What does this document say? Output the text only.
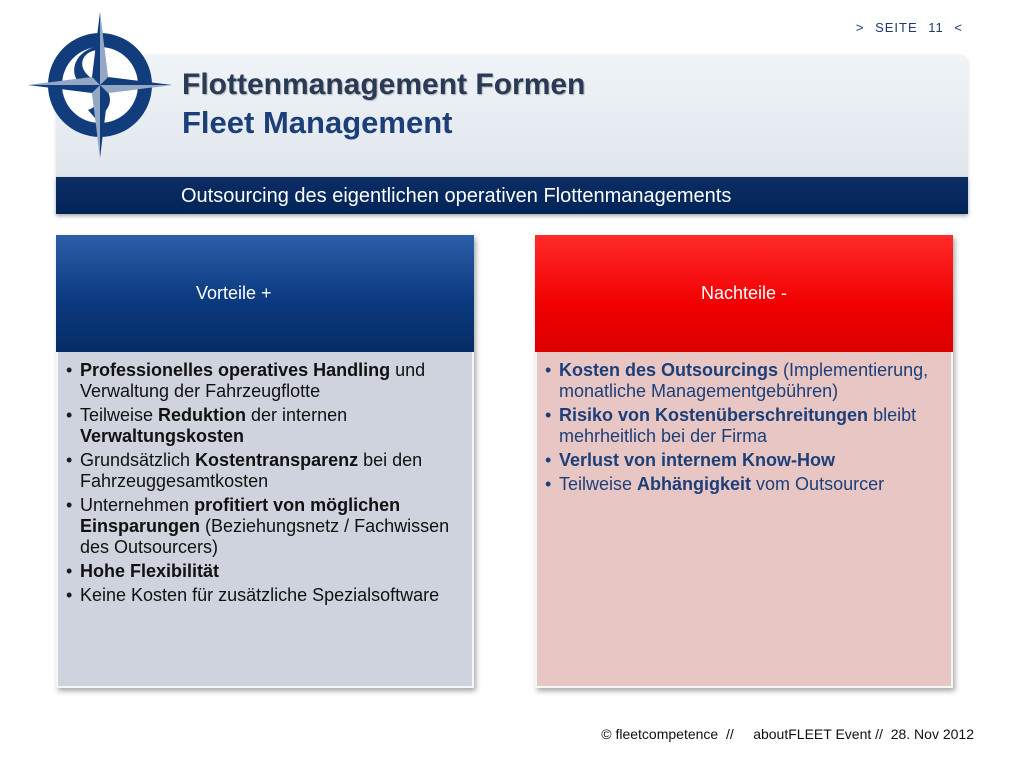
> SEITE 11 <
Flottenmanagement Formen
Fleet Management
Outsourcing des eigentlichen operativen Flottenmanagements
Vorteile +
• Professionelles operatives Handling und Verwaltung der Fahrzeugflotte
• Teilweise Reduktion der internen Verwaltungskosten
• Grundsätzlich Kostentransparenz bei den Fahrzeuggesamtkosten
• Unternehmen profitiert von möglichen Einsparungen (Beziehungsnetz / Fachwissen des Outsourcers)
• Hohe Flexibilität
• Keine Kosten für zusätzliche Spezialsoftware
Nachteile -
• Kosten des Outsourcings (Implementierung, monatliche Managementgebühren)
• Risiko von Kostenüberschreitungen bleibt mehrheitlich bei der Firma
• Verlust von internem Know-How
• Teilweise Abhängigkeit vom Outsourcer
© fleetcompetence  //     aboutFLEET Event //  28. Nov 2012
